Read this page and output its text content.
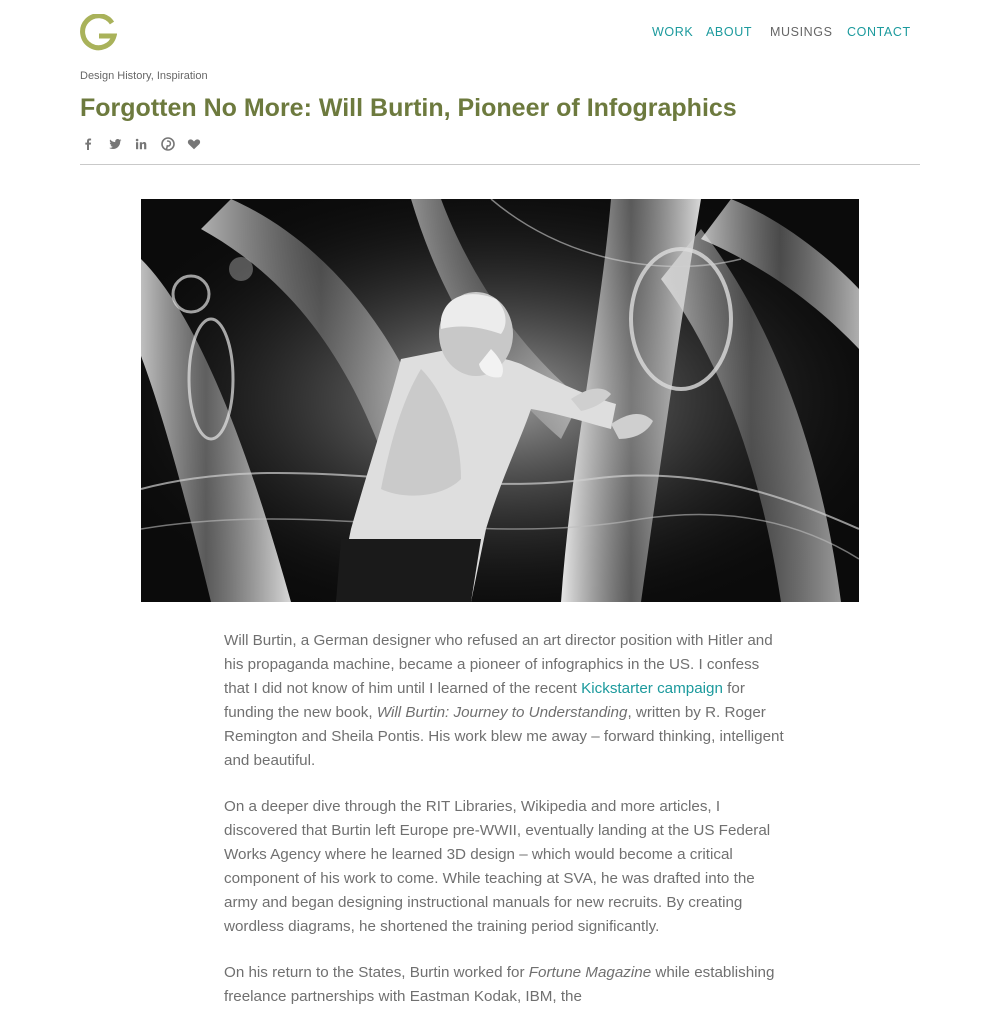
WORK ABOUT MUSINGS CONTACT
Design History, Inspiration
Forgotten No More: Will Burtin, Pioneer of Infographics

Will Burtin, a German designer who refused an art director position with Hitler and his propaganda machine, became a pioneer of infographics in the US. I confess that I did not know of him until I learned of the recent Kickstarter campaign for funding the new book, Will Burtin: Journey to Understanding, written by R. Roger Remington and Sheila Pontis. His work blew me away – forward thinking, intelligent and beautiful.

On a deeper dive through the RIT Libraries, Wikipedia and more articles, I discovered that Burtin left Europe pre-WWII, eventually landing at the US Federal Works Agency where he learned 3D design – which would become a critical component of his work to come. While teaching at SVA, he was drafted into the army and began designing instructional manuals for new recruits. By creating wordless diagrams, he shortened the training period significantly.

On his return to the States, Burtin worked for Fortune Magazine while establishing freelance partnerships with Eastman Kodak, IBM, the
